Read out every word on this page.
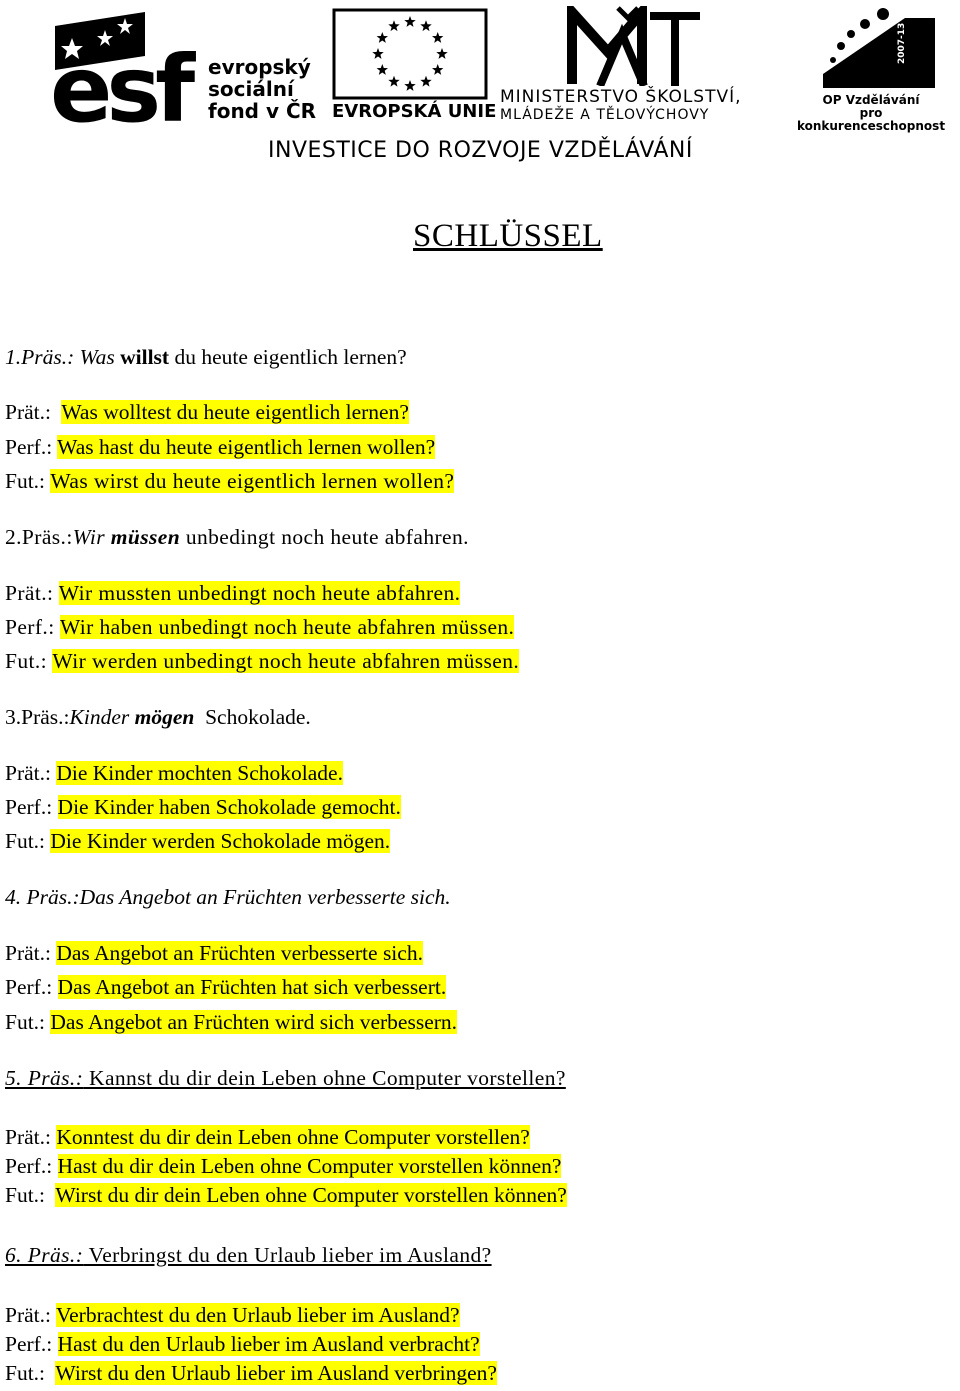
esf evropský
sociální
fond v ČR EVROPSKÁ UNIE
MINISTERSTVO ŠKOLSTVÍ,
MLÁDEŽE A TĚLOVÝCHOVY
2007-13
OP Vzdělávání
pro konkurenceschopnost
INVESTICE DO ROZVOJE VZDĚLÁVÁNÍ
SCHLÜSSEL
1.Präs.: Was willst du heute eigentlich lernen?
Prät.: Was wolltest du heute eigentlich lernen?
Perf.: Was hast du heute eigentlich lernen wollen?
Fut.: Was wirst du heute eigentlich lernen wollen?
2.Präs.:Wir müssen unbedingt noch heute abfahren.
Prät.: Wir mussten unbedingt noch heute abfahren.
Perf.: Wir haben unbedingt noch heute abfahren müssen.
Fut.: Wir werden unbedingt noch heute abfahren müssen.
3.Präs.:Kinder mögen  Schokolade.
Prät.: Die Kinder mochten Schokolade.
Perf.: Die Kinder haben Schokolade gemocht.
Fut.: Die Kinder werden Schokolade mögen.
4. Präs.:Das Angebot an Früchten verbesserte sich.
Prät.: Das Angebot an Früchten verbesserte sich.
Perf.: Das Angebot an Früchten hat sich verbessert.
Fut.: Das Angebot an Früchten wird sich verbessern.
5. Präs.: Kannst du dir dein Leben ohne Computer vorstellen?
Prät.: Konntest du dir dein Leben ohne Computer vorstellen?
Perf.: Hast du dir dein Leben ohne Computer vorstellen können?
Fut.: Wirst du dir dein Leben ohne Computer vorstellen können?
6. Präs.: Verbringst du den Urlaub lieber im Ausland?
Prät.: Verbrachtest du den Urlaub lieber im Ausland?
Perf.: Hast du den Urlaub lieber im Ausland verbracht?
Fut.: Wirst du den Urlaub lieber im Ausland verbringen?
